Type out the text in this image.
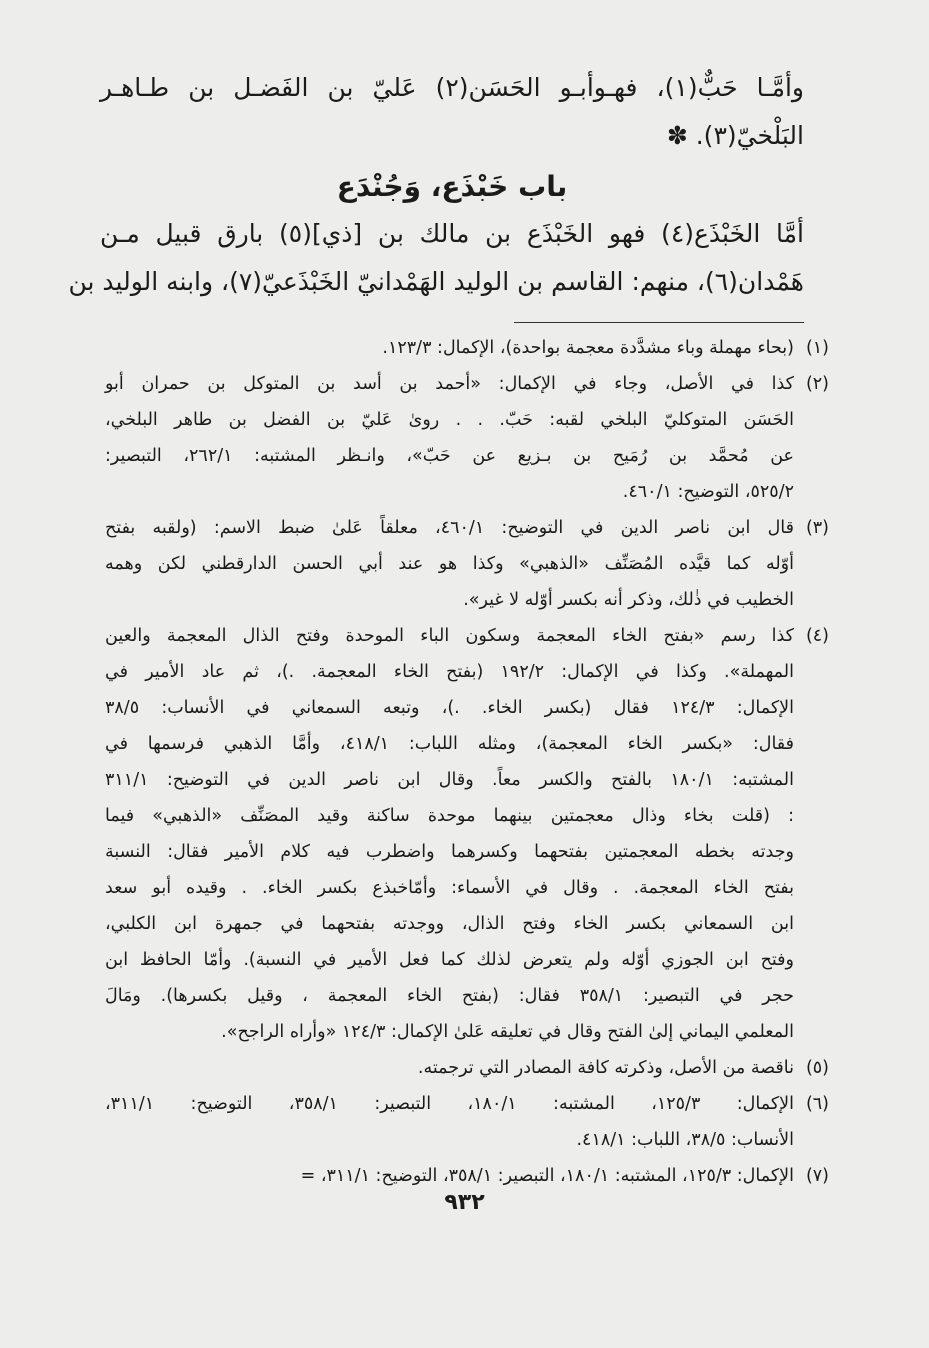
وأمَّـا حَبٌّ(١)، فهـوأبـو الحَسَن(٢) عَليّ بن الفَضـل بن طـاهـر
البَلْخيّ(٣). ✽
باب خَبْذَع، وَجُنْدَع
أمَّا الخَبْذَع(٤) فهو الخَبْذَع بن مالك بن [ذي](٥) بارق قبيل مـن
هَمْدان(٦)، منهم: القاسم بن الوليد الهَمْدانيّ الخَبْذَعيّ(٧)، وابنه الوليد بن
(١)
(بحاء مهملة وباء مشدَّدة معجمة بواحدة)، الإكمال: ١٢٣/٣.
(٢)
كذا في الأصل، وجاء في الإكمال: «أحمد بن أسد بن المتوكل بن حمران أبو
الحَسَن المتوكليّ البلخي لقبه: حَبّ. . . روىٰ عَليّ بن الفضل بن طاهر البلخي،
عن مُحمَّد بن رُمَيح بن بـزيع عن حَبّ»، وانـظر المشتبه: ٢٦٢/١، التبصير:
٥٢٥/٢، التوضيح: ٤٦٠/١.
(٣)
قال ابن ناصر الدين في التوضيح: ٤٦٠/١، معلقاً عَلىٰ ضبط الاسم: (ولقبه بفتح
أوّله كما قيَّده المُصَنِّف «الذهبي» وكذا هو عند أبي الحسن الدارقطني لكن وهمه
الخطيب في ذٰلك، وذكر أنه بكسر أوّله لا غير».
(٤)
كذا رسم «بفتح الخاء المعجمة وسكون الباء الموحدة وفتح الذال المعجمة والعين
المهملة». وكذا في الإكمال: ١٩٢/٢ (بفتح الخاء المعجمة. .)، ثم عاد الأمير في
الإكمال: ١٢٤/٣ فقال (بكسر الخاء. .)، وتبعه السمعاني في الأنساب: ٣٨/٥
فقال: «بكسر الخاء المعجمة)، ومثله اللباب: ٤١٨/١، وأمَّا الذهبي فرسمها في
المشتبه: ١٨٠/١ بالفتح والكسر معاً. وقال ابن ناصر الدين في التوضيح: ٣١١/١
: (قلت بخاء وذال معجمتين بينهما موحدة ساكنة وقيد المصَنِّف «الذهبي» فيما
وجدته بخطه المعجمتين بفتحهما وكسرهما واضطرب فيه كلام الأمير فقال: النسبة
بفتح الخاء المعجمة. . وقال في الأسماء: وأمّاخبذع بكسر الخاء. . وقيده أبو سعد
ابن السمعاني بكسر الخاء وفتح الذال، ووجدته بفتحهما في جمهرة ابن الكلبي،
وفتح ابن الجوزي أوّله ولم يتعرض لذلك كما فعل الأمير في النسبة). وأمّا الحافظ ابن
حجر في التبصير: ٣٥٨/١ فقال: (بفتح الخاء المعجمة ، وقيل بكسرها). ومَالَ
المعلمي اليماني إلىٰ الفتح وقال في تعليقه عَلىٰ الإكمال: ١٢٤/٣ «وأراه الراجح».
(٥)
ناقصة من الأصل، وذكرته كافة المصادر التي ترجمته.
(٦)
الإكمال: ١٢٥/٣، المشتبه: ١٨٠/١، التبصير: ٣٥٨/١، التوضيح: ٣١١/١،
الأنساب: ٣٨/٥، اللباب: ٤١٨/١.
(٧)
الإكمال: ١٢٥/٣، المشتبه: ١٨٠/١، التبصير: ٣٥٨/١، التوضيح: ٣١١/١، =
٩٣٢
